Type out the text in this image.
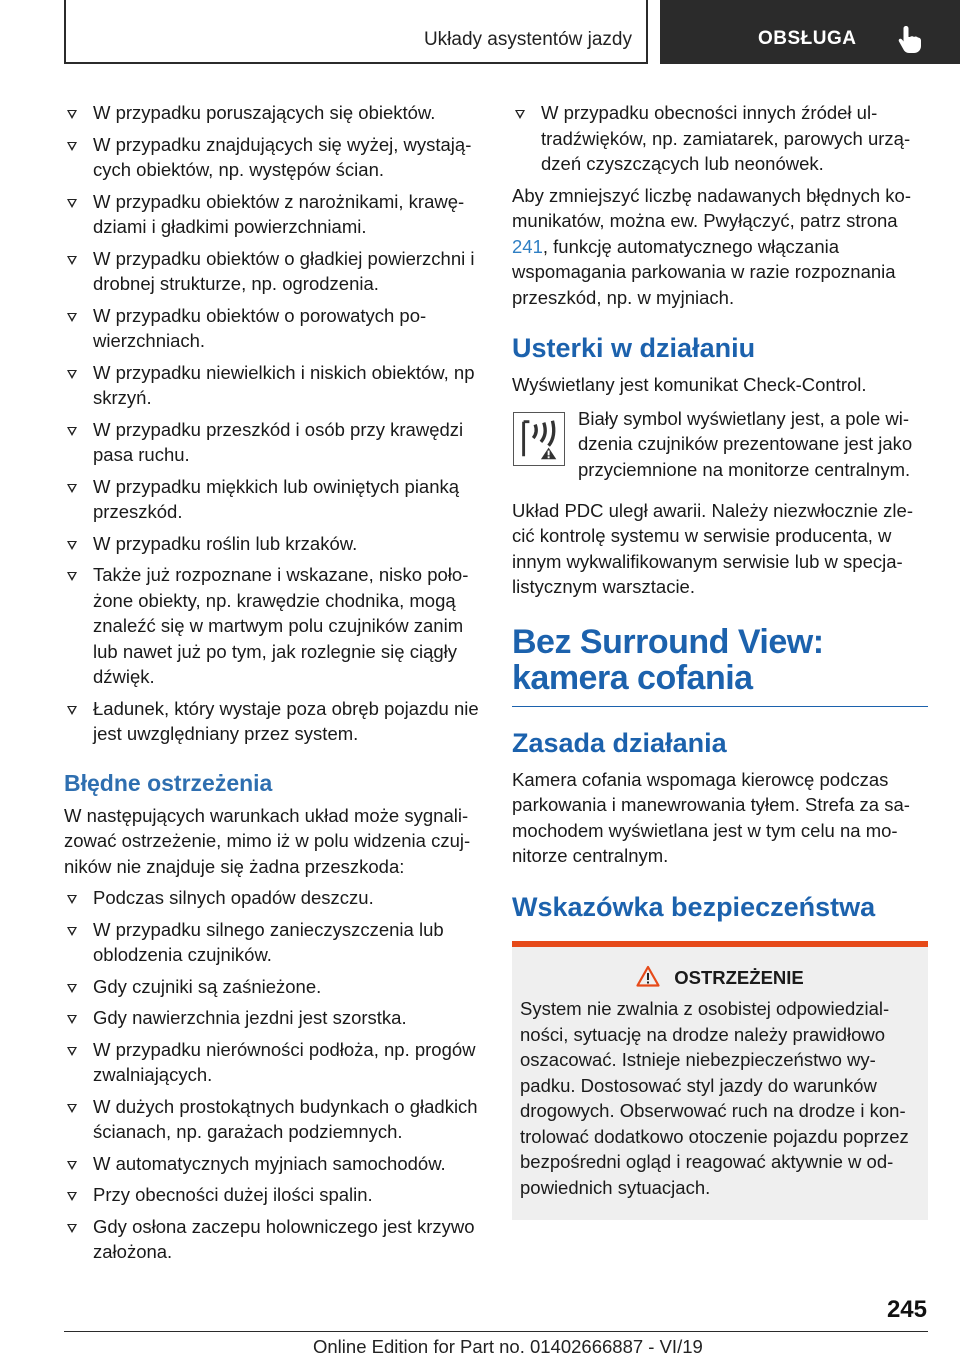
Układy asystentów jazdy	OBSŁUGA
W przypadku poruszających się obiektów.
W przypadku znajdujących się wyżej, wystających obiektów, np. występów ścian.
W przypadku obiektów z narożnikami, krawędziami i gładkimi powierzchniami.
W przypadku obiektów o gładkiej powierzchni i drobnej strukturze, np. ogrodzenia.
W przypadku obiektów o porowatych powierzchniach.
W przypadku niewielkich i niskich obiektów, np skrzyń.
W przypadku przeszkód i osób przy krawędzi pasa ruchu.
W przypadku miękkich lub owiniętych pianką przeszkód.
W przypadku roślin lub krzaków.
Także już rozpoznane i wskazane, nisko położone obiekty, np. krawędzie chodnika, mogą znaleźć się w martwym polu czujników zanim lub nawet już po tym, jak rozlegnie się ciągły dźwięk.
Ładunek, który wystaje poza obręb pojazdu nie jest uwzględniany przez system.
Błędne ostrzeżenia

W następujących warunkach układ może sygnalizować ostrzeżenie, mimo iż w polu widzenia czujników nie znajduje się żadna przeszkoda:

Podczas silnych opadów deszczu.
W przypadku silnego zanieczyszczenia lub oblodzenia czujników.
Gdy czujniki są zaśnieżone.
Gdy nawierzchnia jezdni jest szorstka.
W przypadku nierówności podłoża, np. progów zwalniających.
W dużych prostokątnych budynkach o gładkich ścianach, np. garażach podziemnych.
W automatycznych myjniach samochodów.
Przy obecności dużej ilości spalin.
Gdy osłona zaczepu holowniczego jest krzywo założona.
W przypadku obecności innych źródeł ultradźwięków, np. zamiatarek, parowych urządzeń czyszczących lub neonówek.

Aby zmniejszyć liczbę nadawanych błędnych komunikatów, można ew. Pwyłączyć, patrz strona 241, funkcję automatycznego włączania wspomagania parkowania w razie rozpoznania przeszkód, np. w myjniach.

Usterki w działaniu

Wyświetlany jest komunikat Check-Control.

Biały symbol wyświetlany jest, a pole widzenia czujników prezentowane jest jako przyciemnione na monitorze centralnym.

Układ PDC uległ awarii. Należy niezwłocznie zlecić kontrolę systemu w serwisie producenta, w innym wykwalifikowanym serwisie lub w specjalistycznym warsztacie.

Bez Surround View: kamera cofania
Zasada działania

Kamera cofania wspomaga kierowcę podczas parkowania i manewrowania tyłem. Strefa za samochodem wyświetlana jest w tym celu na monitorze centralnym.

Wskazówka bezpieczeństwa
OSTRZEŻENIE
System nie zwalnia z osobistej odpowiedzialności, sytuację na drodze należy prawidłowo oszacować. Istnieje niebezpieczeństwo wypadku. Dostosować styl jazdy do warunków drogowych. Obserwować ruch na drodze i kontrolować dodatkowo otoczenie pojazdu poprzez bezpośredni ogląd i reagować aktywnie w odpowiednich sytuacjach.
245
Online Edition for Part no. 01402666887 - VI/19
